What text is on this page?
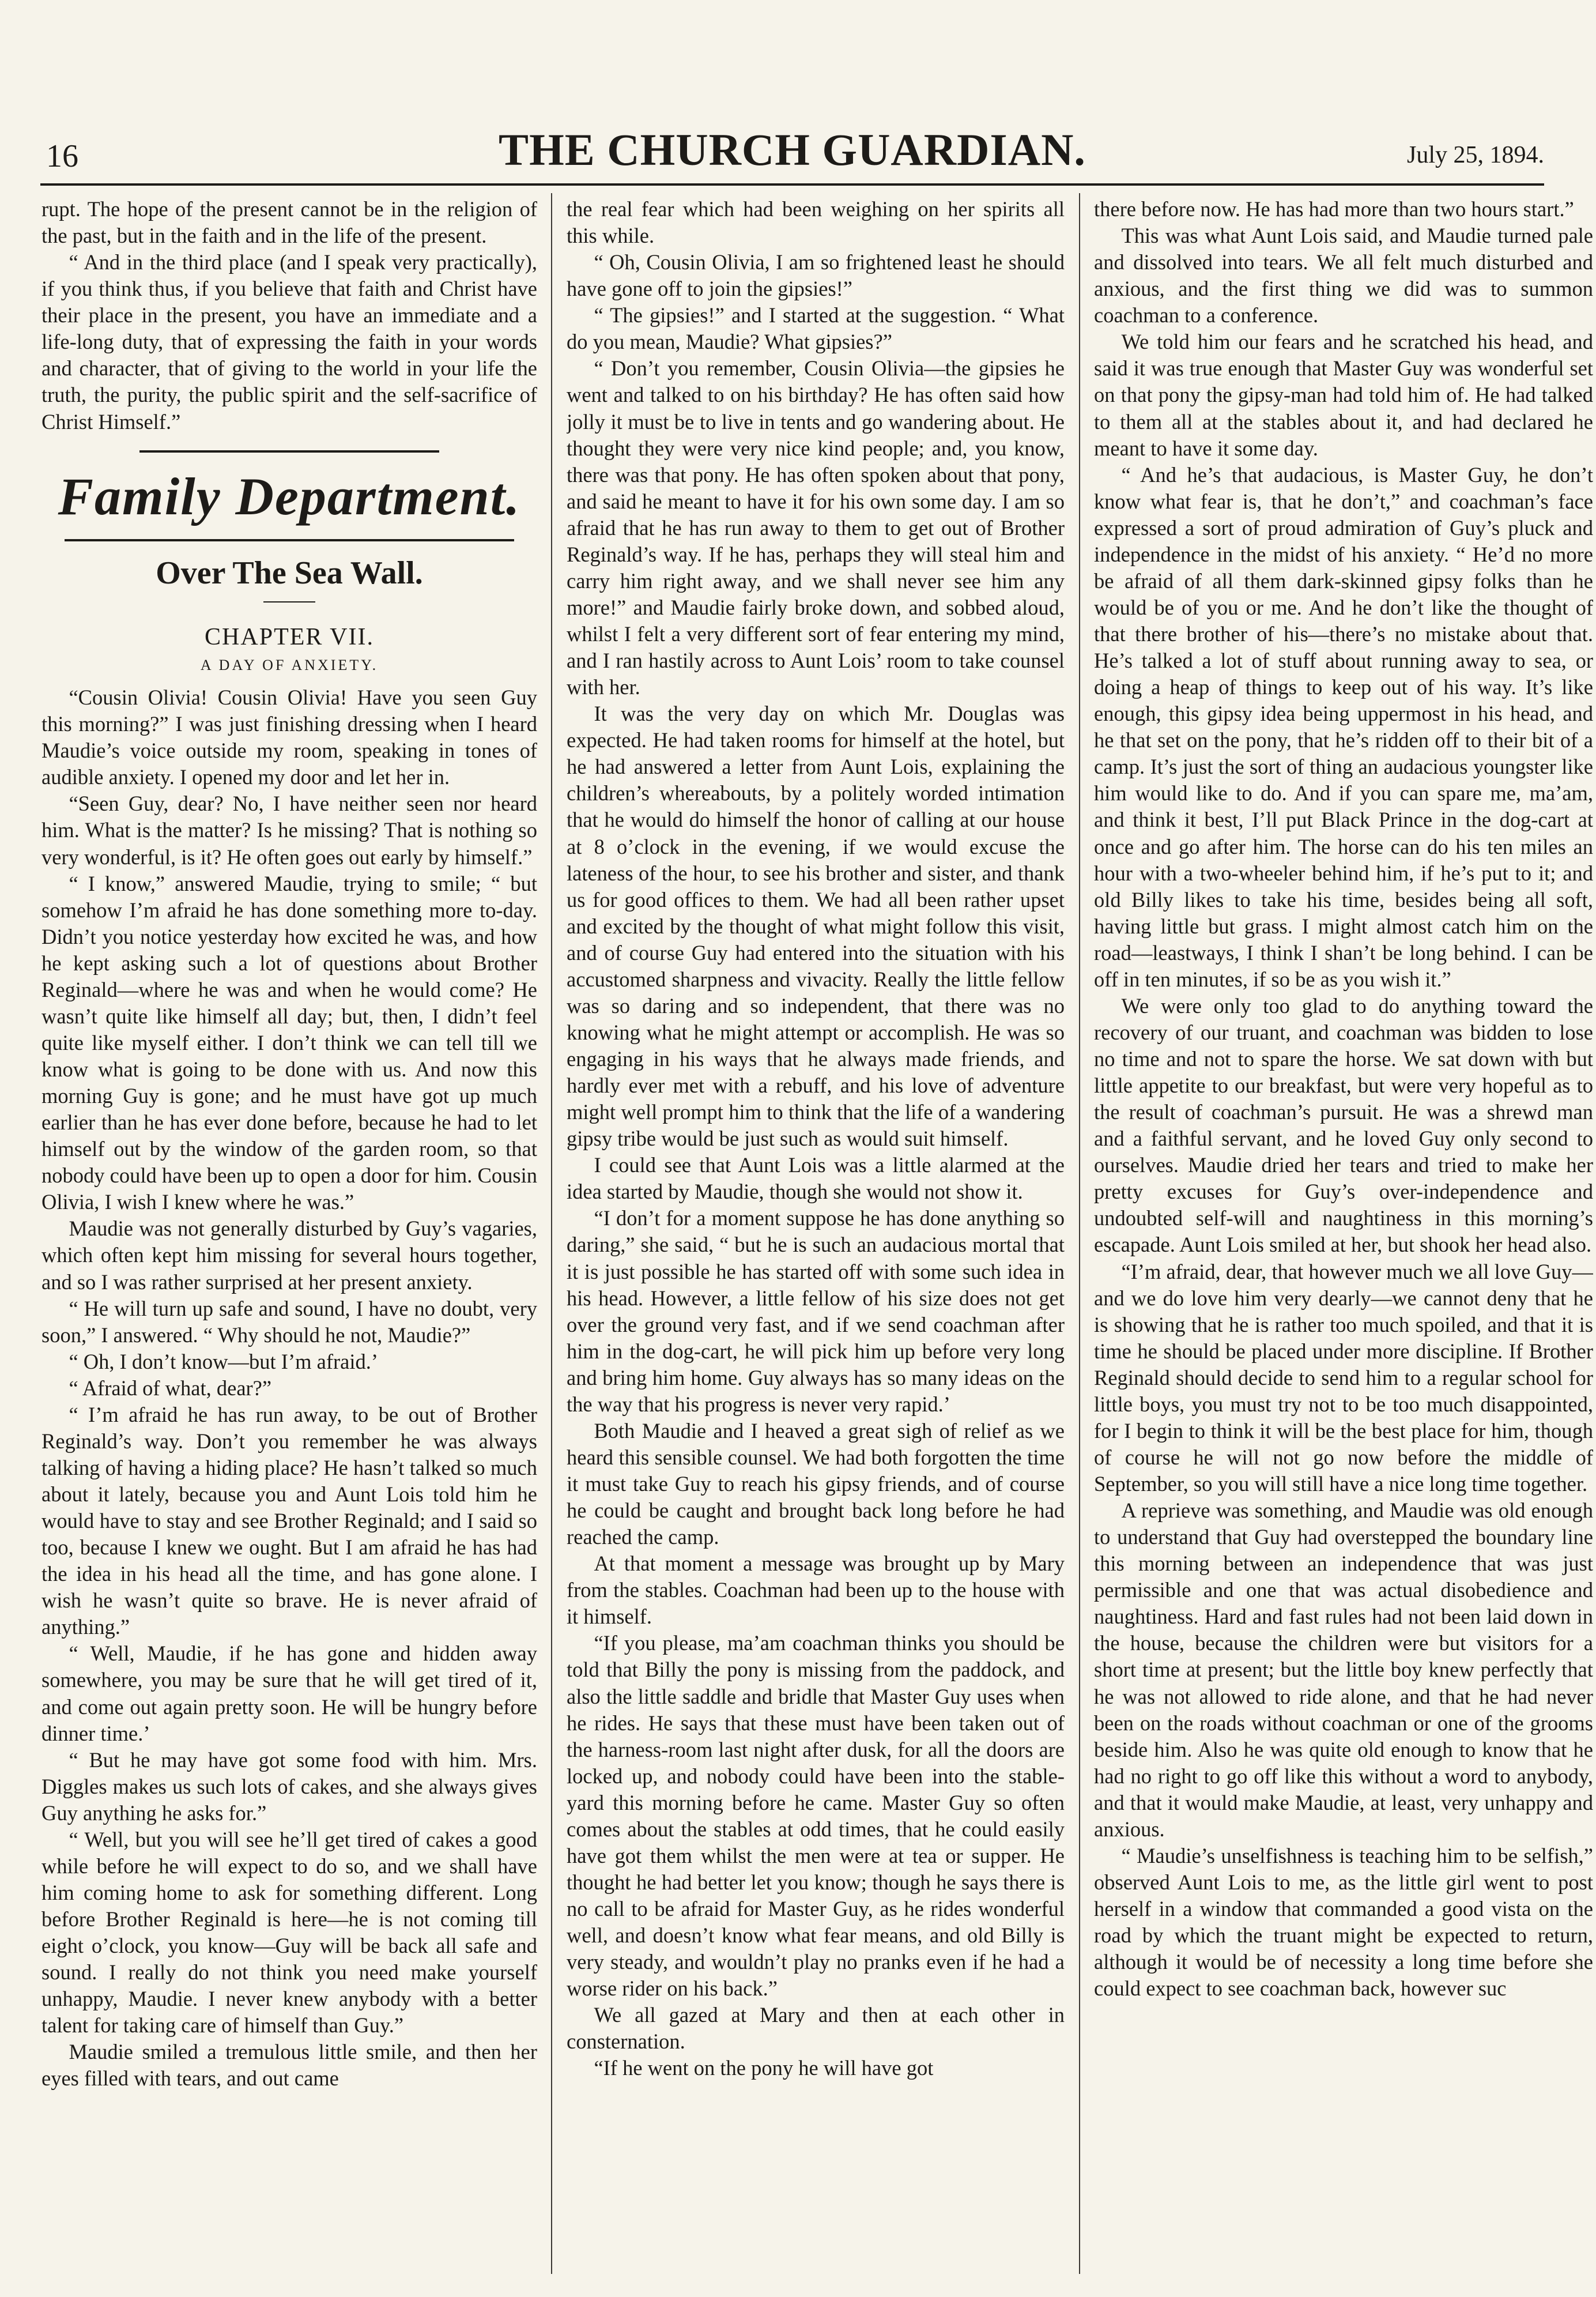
16	THE CHURCH GUARDIAN.	July 25, 1894.

rupt. The hope of the present cannot be in the religion of the past, but in the faith and in the life of the present.

“ And in the third place (and I speak very practically), if you think thus, if you believe that faith and Christ have their place in the present, you have an immediate and a life-long duty, that of expressing the faith in your words and character, that of giving to the world in your life the truth, the purity, the public spirit and the self-sacrifice of Christ Himself.”

Family Department.
Over The Sea Wall.
CHAPTER VII.
A DAY OF ANXIETY.

“Cousin Olivia! Cousin Olivia! Have you seen Guy this morning?” I was just finishing dressing when I heard Maudie’s voice outside my room, speaking in tones of audible anxiety. I opened my door and let her in.

“Seen Guy, dear? No, I have neither seen nor heard him. What is the matter? Is he missing? That is nothing so very wonderful, is it? He often goes out early by himself.”

“ I know,” answered Maudie, trying to smile; “ but somehow I’m afraid he has done something more to-day. Didn’t you notice yesterday how excited he was, and how he kept asking such a lot of questions about Brother Reginald—where he was and when he would come? He wasn’t quite like himself all day; but, then, I didn’t feel quite like myself either. I don’t think we can tell till we know what is going to be done with us. And now this morning Guy is gone; and he must have got up much earlier than he has ever done before, because he had to let himself out by the window of the garden room, so that nobody could have been up to open a door for him. Cousin Olivia, I wish I knew where he was.”

Maudie was not generally disturbed by Guy’s vagaries, which often kept him missing for several hours together, and so I was rather surprised at her present anxiety.

“ He will turn up safe and sound, I have no doubt, very soon,” I answered. “ Why should he not, Maudie?”

“ Oh, I don’t know—but I’m afraid.’

“ Afraid of what, dear?”

“ I’m afraid he has run away, to be out of Brother Reginald’s way. Don’t you remember he was always talking of having a hiding place? He hasn’t talked so much about it lately, because you and Aunt Lois told him he would have to stay and see Brother Reginald; and I said so too, because I knew we ought. But I am afraid he has had the idea in his head all the time, and has gone alone. I wish he wasn’t quite so brave. He is never afraid of anything.”

“ Well, Maudie, if he has gone and hidden away somewhere, you may be sure that he will get tired of it, and come out again pretty soon. He will be hungry before dinner time.’

“ But he may have got some food with him. Mrs. Diggles makes us such lots of cakes, and she always gives Guy anything he asks for.”

“ Well, but you will see he’ll get tired of cakes a good while before he will expect to do so, and we shall have him coming home to ask for something different. Long before Brother Reginald is here—he is not coming till eight o’clock, you know—Guy will be back all safe and sound. I really do not think you need make yourself unhappy, Maudie. I never knew anybody with a better talent for taking care of himself than Guy.”

Maudie smiled a tremulous little smile, and then her eyes filled with tears, and out came

the real fear which had been weighing on her spirits all this while.

“ Oh, Cousin Olivia, I am so frightened least he should have gone off to join the gipsies!”

“ The gipsies!” and I started at the suggestion. “ What do you mean, Maudie? What gipsies?”

“ Don’t you remember, Cousin Olivia—the gipsies he went and talked to on his birthday? He has often said how jolly it must be to live in tents and go wandering about. He thought they were very nice kind people; and, you know, there was that pony. He has often spoken about that pony, and said he meant to have it for his own some day. I am so afraid that he has run away to them to get out of Brother Reginald’s way. If he has, perhaps they will steal him and carry him right away, and we shall never see him any more!” and Maudie fairly broke down, and sobbed aloud, whilst I felt a very different sort of fear entering my mind, and I ran hastily across to Aunt Lois’ room to take counsel with her.

It was the very day on which Mr. Douglas was expected. He had taken rooms for himself at the hotel, but he had answered a letter from Aunt Lois, explaining the children’s whereabouts, by a politely worded intimation that he would do himself the honor of calling at our house at 8 o’clock in the evening, if we would excuse the lateness of the hour, to see his brother and sister, and thank us for good offices to them. We had all been rather upset and excited by the thought of what might follow this visit, and of course Guy had entered into the situation with his accustomed sharpness and vivacity. Really the little fellow was so daring and so independent, that there was no knowing what he might attempt or accomplish. He was so engaging in his ways that he always made friends, and hardly ever met with a rebuff, and his love of adventure might well prompt him to think that the life of a wandering gipsy tribe would be just such as would suit himself.

I could see that Aunt Lois was a little alarmed at the idea started by Maudie, though she would not show it.

“I don’t for a moment suppose he has done anything so daring,” she said, “ but he is such an audacious mortal that it is just possible he has started off with some such idea in his head. However, a little fellow of his size does not get over the ground very fast, and if we send coachman after him in the dog-cart, he will pick him up before very long and bring him home. Guy always has so many ideas on the the way that his progress is never very rapid.’

Both Maudie and I heaved a great sigh of relief as we heard this sensible counsel. We had both forgotten the time it must take Guy to reach his gipsy friends, and of course he could be caught and brought back long before he had reached the camp.

At that moment a message was brought up by Mary from the stables. Coachman had been up to the house with it himself.

“If you please, ma’am coachman thinks you should be told that Billy the pony is missing from the paddock, and also the little saddle and bridle that Master Guy uses when he rides. He says that these must have been taken out of the harness-room last night after dusk, for all the doors are locked up, and nobody could have been into the stable-yard this morning before he came. Master Guy so often comes about the stables at odd times, that he could easily have got them whilst the men were at tea or supper. He thought he had better let you know; though he says there is no call to be afraid for Master Guy, as he rides wonderful well, and doesn’t know what fear means, and old Billy is very steady, and wouldn’t play no pranks even if he had a worse rider on his back.”

We all gazed at Mary and then at each other in consternation.

“If he went on the pony he will have got

there before now. He has had more than two hours start.”

This was what Aunt Lois said, and Maudie turned pale and dissolved into tears. We all felt much disturbed and anxious, and the first thing we did was to summon coachman to a conference.

We told him our fears and he scratched his head, and said it was true enough that Master Guy was wonderful set on that pony the gipsy-man had told him of. He had talked to them all at the stables about it, and had declared he meant to have it some day.

“ And he’s that audacious, is Master Guy, he don’t know what fear is, that he don’t,” and coachman’s face expressed a sort of proud admiration of Guy’s pluck and independence in the midst of his anxiety. “ He’d no more be afraid of all them dark-skinned gipsy folks than he would be of you or me. And he don’t like the thought of that there brother of his—there’s no mistake about that. He’s talked a lot of stuff about running away to sea, or doing a heap of things to keep out of his way. It’s like enough, this gipsy idea being uppermost in his head, and he that set on the pony, that he’s ridden off to their bit of a camp. It’s just the sort of thing an audacious youngster like him would like to do. And if you can spare me, ma’am, and think it best, I’ll put Black Prince in the dog-cart at once and go after him. The horse can do his ten miles an hour with a two-wheeler behind him, if he’s put to it; and old Billy likes to take his time, besides being all soft, having little but grass. I might almost catch him on the road—leastways, I think I shan’t be long behind. I can be off in ten minutes, if so be as you wish it.”

We were only too glad to do anything toward the recovery of our truant, and coachman was bidden to lose no time and not to spare the horse. We sat down with but little appetite to our breakfast, but were very hopeful as to the result of coachman’s pursuit. He was a shrewd man and a faithful servant, and he loved Guy only second to ourselves. Maudie dried her tears and tried to make her pretty excuses for Guy’s over-independence and undoubted self-will and naughtiness in this morning’s escapade. Aunt Lois smiled at her, but shook her head also.

“I’m afraid, dear, that however much we all love Guy—and we do love him very dearly—we cannot deny that he is showing that he is rather too much spoiled, and that it is time he should be placed under more discipline. If Brother Reginald should decide to send him to a regular school for little boys, you must try not to be too much disappointed, for I begin to think it will be the best place for him, though of course he will not go now before the middle of September, so you will still have a nice long time together.

A reprieve was something, and Maudie was old enough to understand that Guy had overstepped the boundary line this morning between an independence that was just permissible and one that was actual disobedience and naughtiness. Hard and fast rules had not been laid down in the house, because the children were but visitors for a short time at present; but the little boy knew perfectly that he was not allowed to ride alone, and that he had never been on the roads without coachman or one of the grooms beside him. Also he was quite old enough to know that he had no right to go off like this without a word to anybody, and that it would make Maudie, at least, very unhappy and anxious.

“ Maudie’s unselfishness is teaching him to be selfish,” observed Aunt Lois to me, as the little girl went to post herself in a window that commanded a good vista on the road by which the truant might be expected to return, although it would be of necessity a long time before she could expect to see coachman back, however suc
